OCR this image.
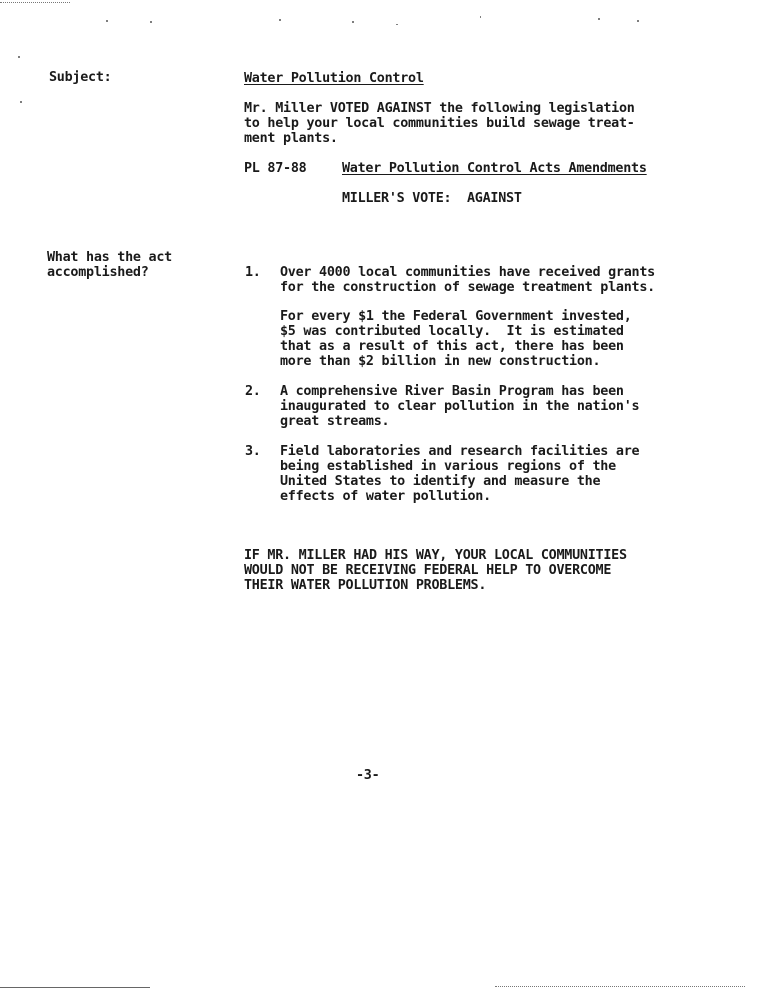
Subject:
What has the act
accomplished?
Water Pollution Control
Mr. Miller VOTED AGAINST the following legislation
to help your local communities build sewage treat-
ment plants.
PL 87-88	Water Pollution Control Acts Amendments
MILLER'S VOTE:  AGAINST
1. Over 4000 local communities have received grants
for the construction of sewage treatment plants.
For every $1 the Federal Government invested,
$5 was contributed locally.  It is estimated
that as a result of this act, there has been
more than $2 billion in new construction.
2. A comprehensive River Basin Program has been
inaugurated to clear pollution in the nation's
great streams.
3. Field laboratories and research facilities are
being established in various regions of the
United States to identify and measure the
effects of water pollution.
IF MR. MILLER HAD HIS WAY, YOUR LOCAL COMMUNITIES
WOULD NOT BE RECEIVING FEDERAL HELP TO OVERCOME
THEIR WATER POLLUTION PROBLEMS.
-3-
